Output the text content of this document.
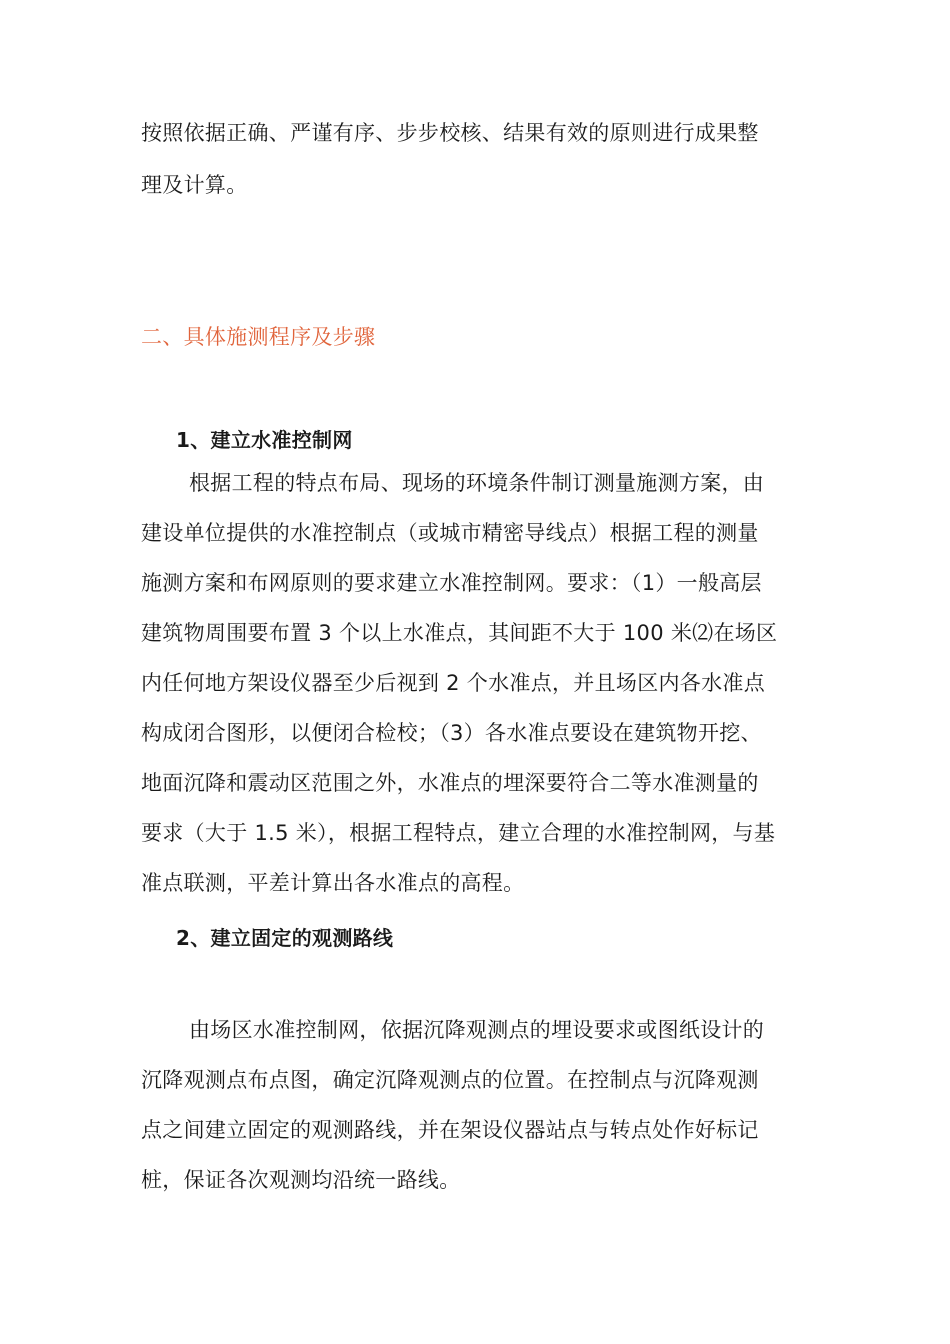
按照依据正确、严谨有序、步步校核、结果有效的原则进行成果整
理及计算。
二、具体施测程序及步骤
1、建立水准控制网
根据工程的特点布局、现场的环境条件制订测量施测方案，由
建设单位提供的水准控制点（或城市精密导线点）根据工程的测量
施测方案和布网原则的要求建立水准控制网。要求：（1）一般高层
建筑物周围要布置 3 个以上水准点，其间距不大于 100 米⑵在场区
内任何地方架设仪器至少后视到 2 个水准点，并且场区内各水准点
构成闭合图形，以便闭合检校；（3）各水准点要设在建筑物开挖、
地面沉降和震动区范围之外，水准点的埋深要符合二等水准测量的
要求（大于 1.5 米），根据工程特点，建立合理的水准控制网，与基
准点联测，平差计算出各水准点的高程。
2、建立固定的观测路线
由场区水准控制网，依据沉降观测点的埋设要求或图纸设计的
沉降观测点布点图，确定沉降观测点的位置。在控制点与沉降观测
点之间建立固定的观测路线，并在架设仪器站点与转点处作好标记
桩，保证各次观测均沿统一路线。
